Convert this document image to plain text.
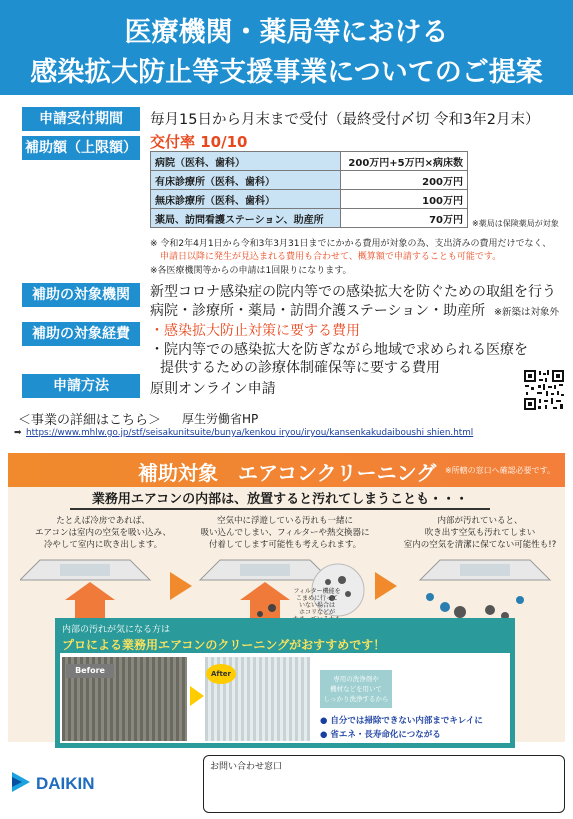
医療機関・薬局等における
感染拡大防止等支援事業についてのご提案
申請受付期間	毎月15日から月末まで受付（最終受付〆切 令和3年2月末）
補助額（上限額） 交付率 10/10
病院（医科、歯科）	200万円+5万円×病床数
有床診療所（医科、歯科）	200万円
無床診療所（医科、歯科）	100万円
薬局、訪問看護ステーション、助産所	70万円 ※薬局は保険薬局が対象
※ 令和2年4月1日から令和3年3月31日までにかかる費用が対象の為、支出済みの費用だけでなく、
申請日以降に発生が見込まれる費用も合わせて、概算額で申請することも可能です。
※各医療機関等からの申請は1回限りになります。
補助の対象機関	新型コロナ感染症の院内等での感染拡大を防ぐための取組を行う
病院・診療所・薬局・訪問介護ステーション・助産所 ※新築は対象外
補助の対象経費	・感染拡大防止対策に要する費用
・院内等での感染拡大を防ぎながら地域で求められる医療を
提供するための診療体制確保等に要する費用
申請方法	原則オンライン申請
＜事業の詳細はこちら＞ 厚生労働省HP
➡ https://www.mhlw.go.jp/stf/seisakunitsuite/bunya/kenkou iryou/iryou/kansenkakudaiboushi shien.html
補助対象　エアコンクリーニング ※所轄の窓口へ確認必要です。
業務用エアコンの内部は、放置すると汚れてしまうことも・・・
たとえば冷房であれば、
エアコンは室内の空気を吸い込み、
冷やして室内に吹き出します。
空気中に浮遊している汚れも一緒に
吸い込んでしまい、フィルターや熱交換器に
付着してします可能性も考えられます。
内部が汚れていると、
吹き出す空気も汚れてしまい
室内の空気を清潔に保てない可能性も!?
フィルター機能を
こまめに行って
いない場合は
ホコリなどが
内部の汚れが気になる方は
プロによる業務用エアコンのクリーニングがおすすめです！
Before	After
専用の洗浄剤や
機材などを用いて
しっかり洗浄するから
● 自分では掃除できない内部までキレイに
● 省エネ・長寿命化につながる
DAIKIN
お問い合わせ窓口
